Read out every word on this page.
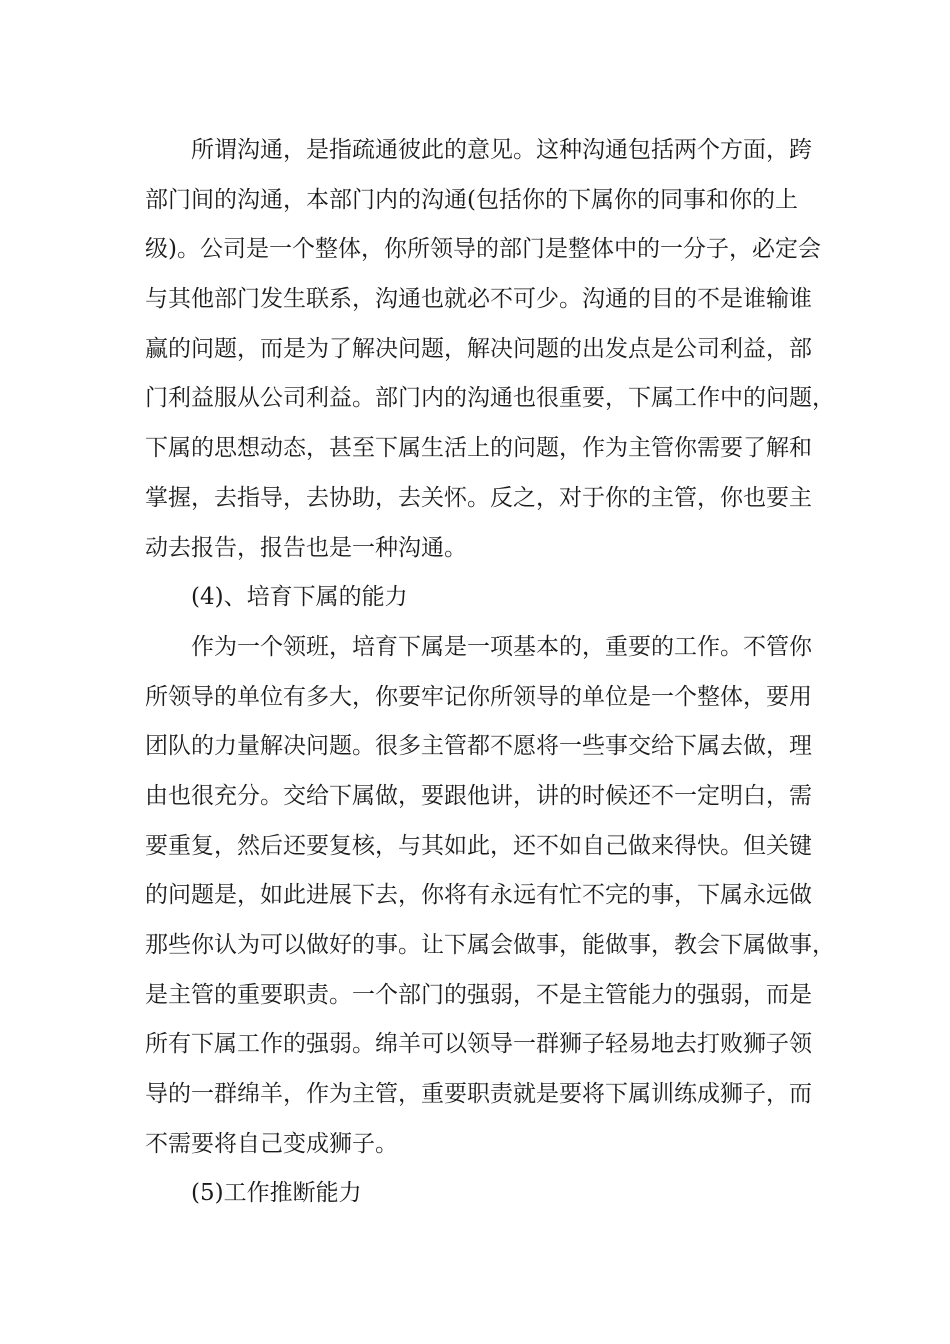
所谓沟通，是指疏通彼此的意见。这种沟通包括两个方面，跨
部门间的沟通，本部门内的沟通(包括你的下属你的同事和你的上
级)。公司是一个整体，你所领导的部门是整体中的一分子，必定会
与其他部门发生联系，沟通也就必不可少。沟通的目的不是谁输谁
赢的问题，而是为了解决问题，解决问题的出发点是公司利益，部
门利益服从公司利益。部门内的沟通也很重要，下属工作中的问题，
下属的思想动态，甚至下属生活上的问题，作为主管你需要了解和
掌握，去指导，去协助，去关怀。反之，对于你的主管，你也要主
动去报告，报告也是一种沟通。
(4)、培育下属的能力
作为一个领班，培育下属是一项基本的，重要的工作。不管你
所领导的单位有多大，你要牢记你所领导的单位是一个整体，要用
团队的力量解决问题。很多主管都不愿将一些事交给下属去做，理
由也很充分。交给下属做，要跟他讲，讲的时候还不一定明白，需
要重复，然后还要复核，与其如此，还不如自己做来得快。但关键
的问题是，如此进展下去，你将有永远有忙不完的事，下属永远做
那些你认为可以做好的事。让下属会做事，能做事，教会下属做事，
是主管的重要职责。一个部门的强弱，不是主管能力的强弱，而是
所有下属工作的强弱。绵羊可以领导一群狮子轻易地去打败狮子领
导的一群绵羊，作为主管，重要职责就是要将下属训练成狮子，而
不需要将自己变成狮子。
(5)工作推断能力
